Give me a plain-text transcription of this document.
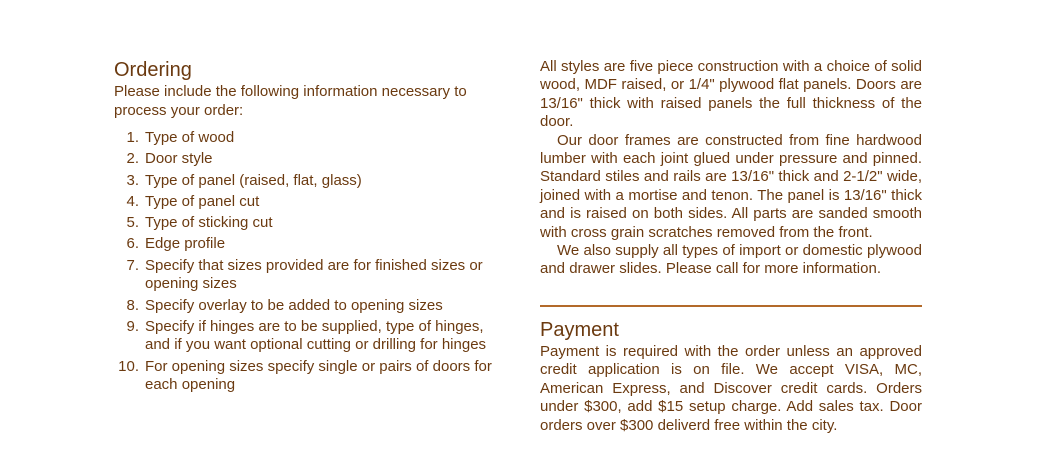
Ordering

Please include the following information necessary to process your order:

1. Type of wood
2. Door style
3. Type of panel (raised, flat, glass)
4. Type of panel cut
5. Type of sticking cut
6. Edge profile
7. Specify that sizes provided are for finished sizes or opening sizes
8. Specify overlay to be added to opening sizes
9. Specify if hinges are to be supplied, type of hinges, and if you want optional cutting or drilling for hinges
10. For opening sizes specify single or pairs of doors for each opening

All styles are five piece construction with a choice of solid wood, MDF raised, or 1/4" plywood flat panels. Doors are 13/16" thick with raised panels the full thickness of the door.

Our door frames are constructed from fine hardwood lumber with each joint glued under pressure and pinned. Standard stiles and rails are 13/16" thick and 2-1/2" wide, joined with a mortise and tenon. The panel is 13/16" thick and is raised on both sides. All parts are sanded smooth with cross grain scratches removed from the front.

We also supply all types of import or domestic plywood and drawer slides. Please call for more information.

Payment

Payment is required with the order unless an approved credit application is on file. We accept VISA, MC, American Express, and Discover credit cards. Orders under $300, add $15 setup charge. Add sales tax. Door orders over $300 deliverd free within the city.
